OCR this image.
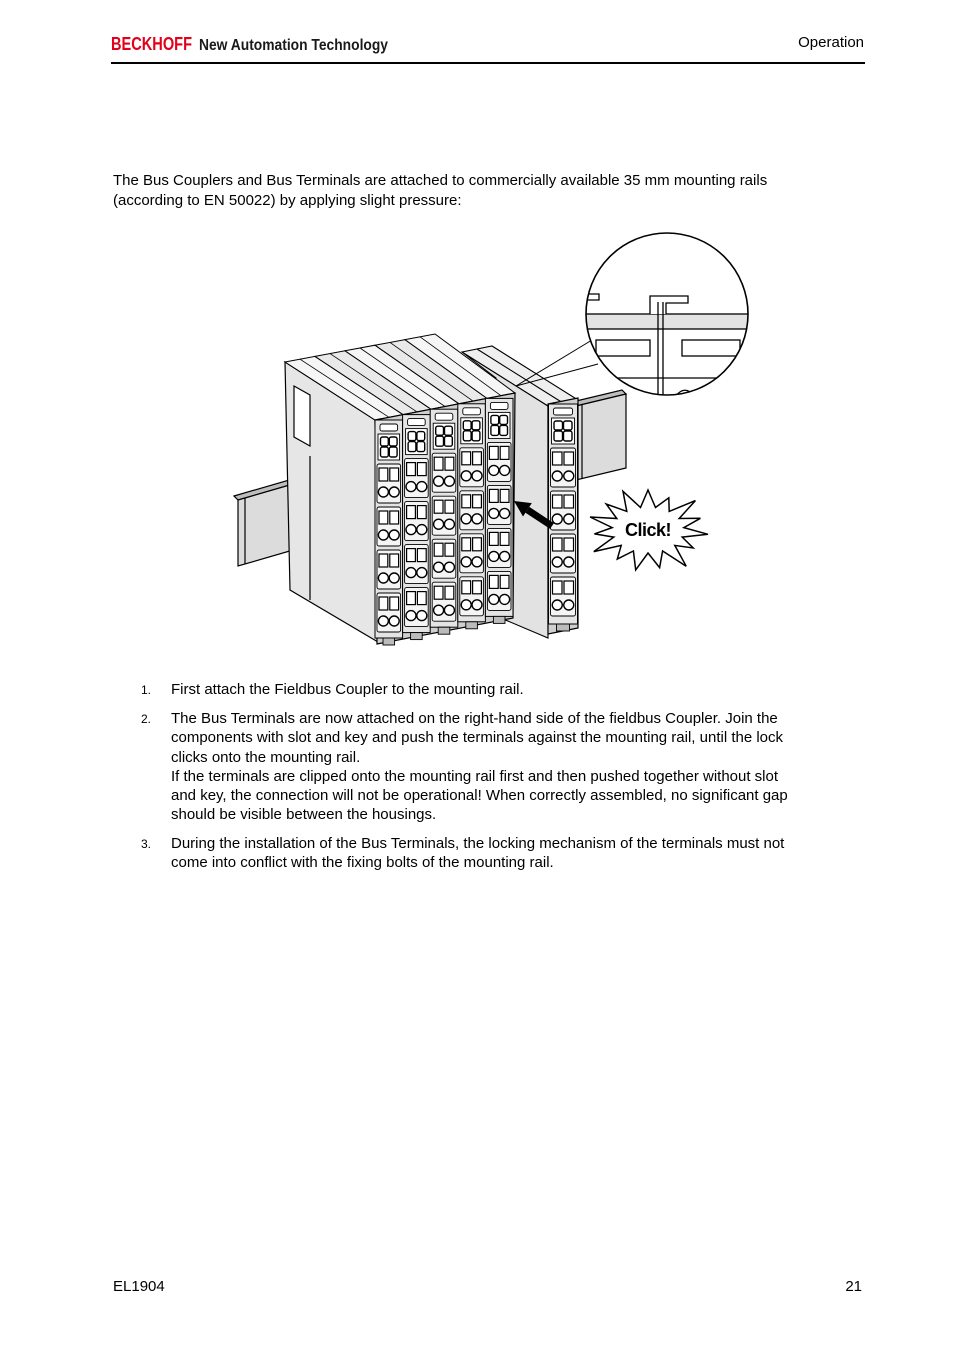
BECKHOFF New Automation Technology	Operation
The Bus Couplers and Bus Terminals are attached to commercially available 35 mm mounting rails
(according to EN 50022) by applying slight pressure:
Click!
1.	First attach the Fieldbus Coupler to the mounting rail.
2.	The Bus Terminals are now attached on the right-hand side of the fieldbus Coupler. Join the
components with slot and key and push the terminals against the mounting rail, until the lock
clicks onto the mounting rail.
If the terminals are clipped onto the mounting rail first and then pushed together without slot
and key, the connection will not be operational! When correctly assembled, no significant gap
should be visible between the housings.
3.	During the installation of the Bus Terminals, the locking mechanism of the terminals must not
come into conflict with the fixing bolts of the mounting rail.
EL1904	21
